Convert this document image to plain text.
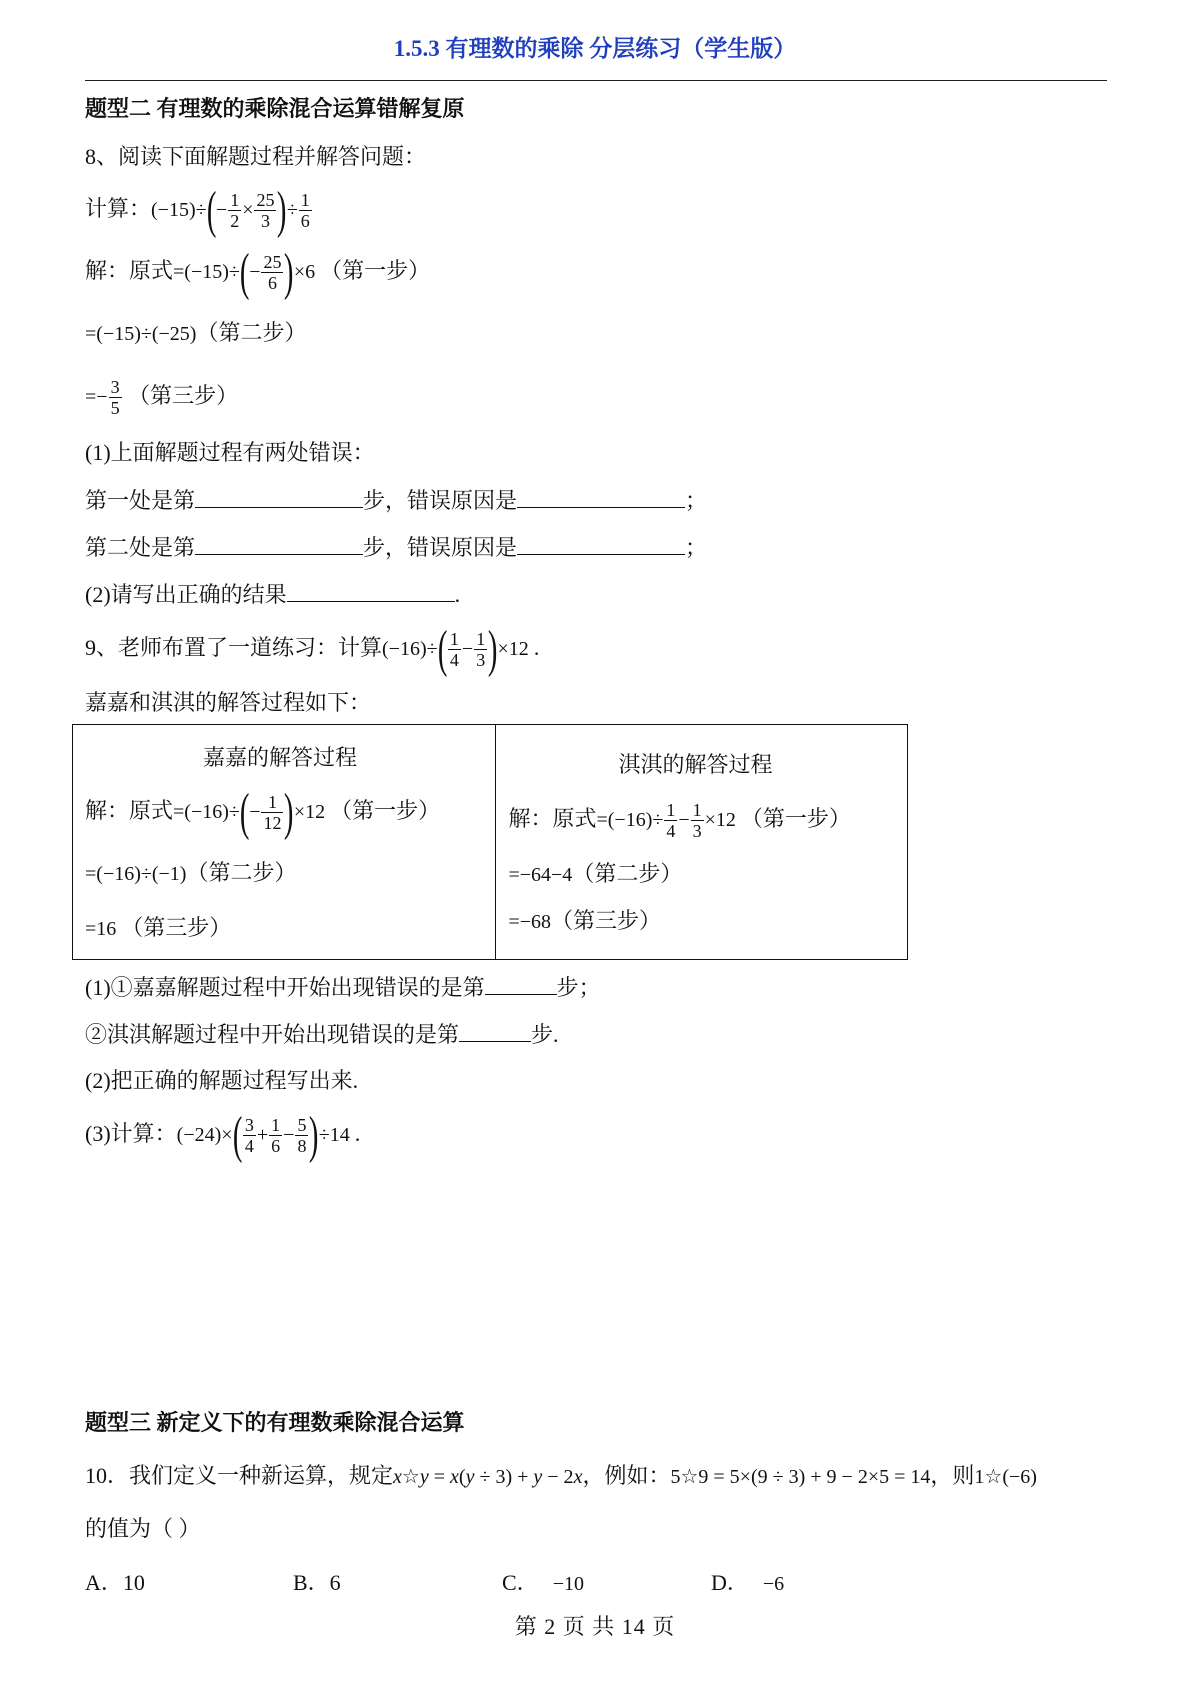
1.5.3 有理数的乘除 分层练习（学生版）
题型二 有理数的乘除混合运算错解复原
8、阅读下面解题过程并解答问题：
计算：$(-15)\div(- \frac{1}{2} \times \frac{25}{3}$ )÷ $\frac{1}{6}$
解：原式$=(-15)\div(- \frac{25}{6} )\times 6$ （第一步）
=(−15)÷(−25)（第二步）
=− $\frac{3}{5}$ （第三步）
(1)上面解题过程有两处错误：
第一处是第	步，错误原因是	；
第二处是第	步，错误原因是	；
(2)请写出正确的结果	.
9、老师布置了一道练习：计算$(-16)\div( \frac{1}{4} - \frac{1}{3} )\times 12$ .
嘉嘉和淇淇的解答过程如下：
嘉嘉的解答过程
解：原式$=(-16)\div(- \frac{1}{12} )\times 12$ （第一步）
=(−16)÷(−1)（第二步）
=16 （第三步）

淇淇的解答过程
解：原式$=(-16)\div \frac{1}{4} - \frac{1}{3} \times 12$ （第一步）
=−64−4（第二步）
=−68（第三步）
(1)①嘉嘉解题过程中开始出现错误的是第	步；
②淇淇解题过程中开始出现错误的是第	步.
(2)把正确的解题过程写出来.
(3)计算：$(-24)\times( \frac{3}{4} + \frac{1}{6} - \frac{5}{8} )\div 14$ .
题型三 新定义下的有理数乘除混合运算
10．我们定义一种新运算，规定x☆y = x(y ÷ 3) + y − 2x，例如：5☆9 = 5×(9 ÷ 3) + 9 − 2×5 = 14，则1☆(−6)
的值为（ ）
A．10	B．6	C． −10	D． −6
第 2 页 共 14 页
